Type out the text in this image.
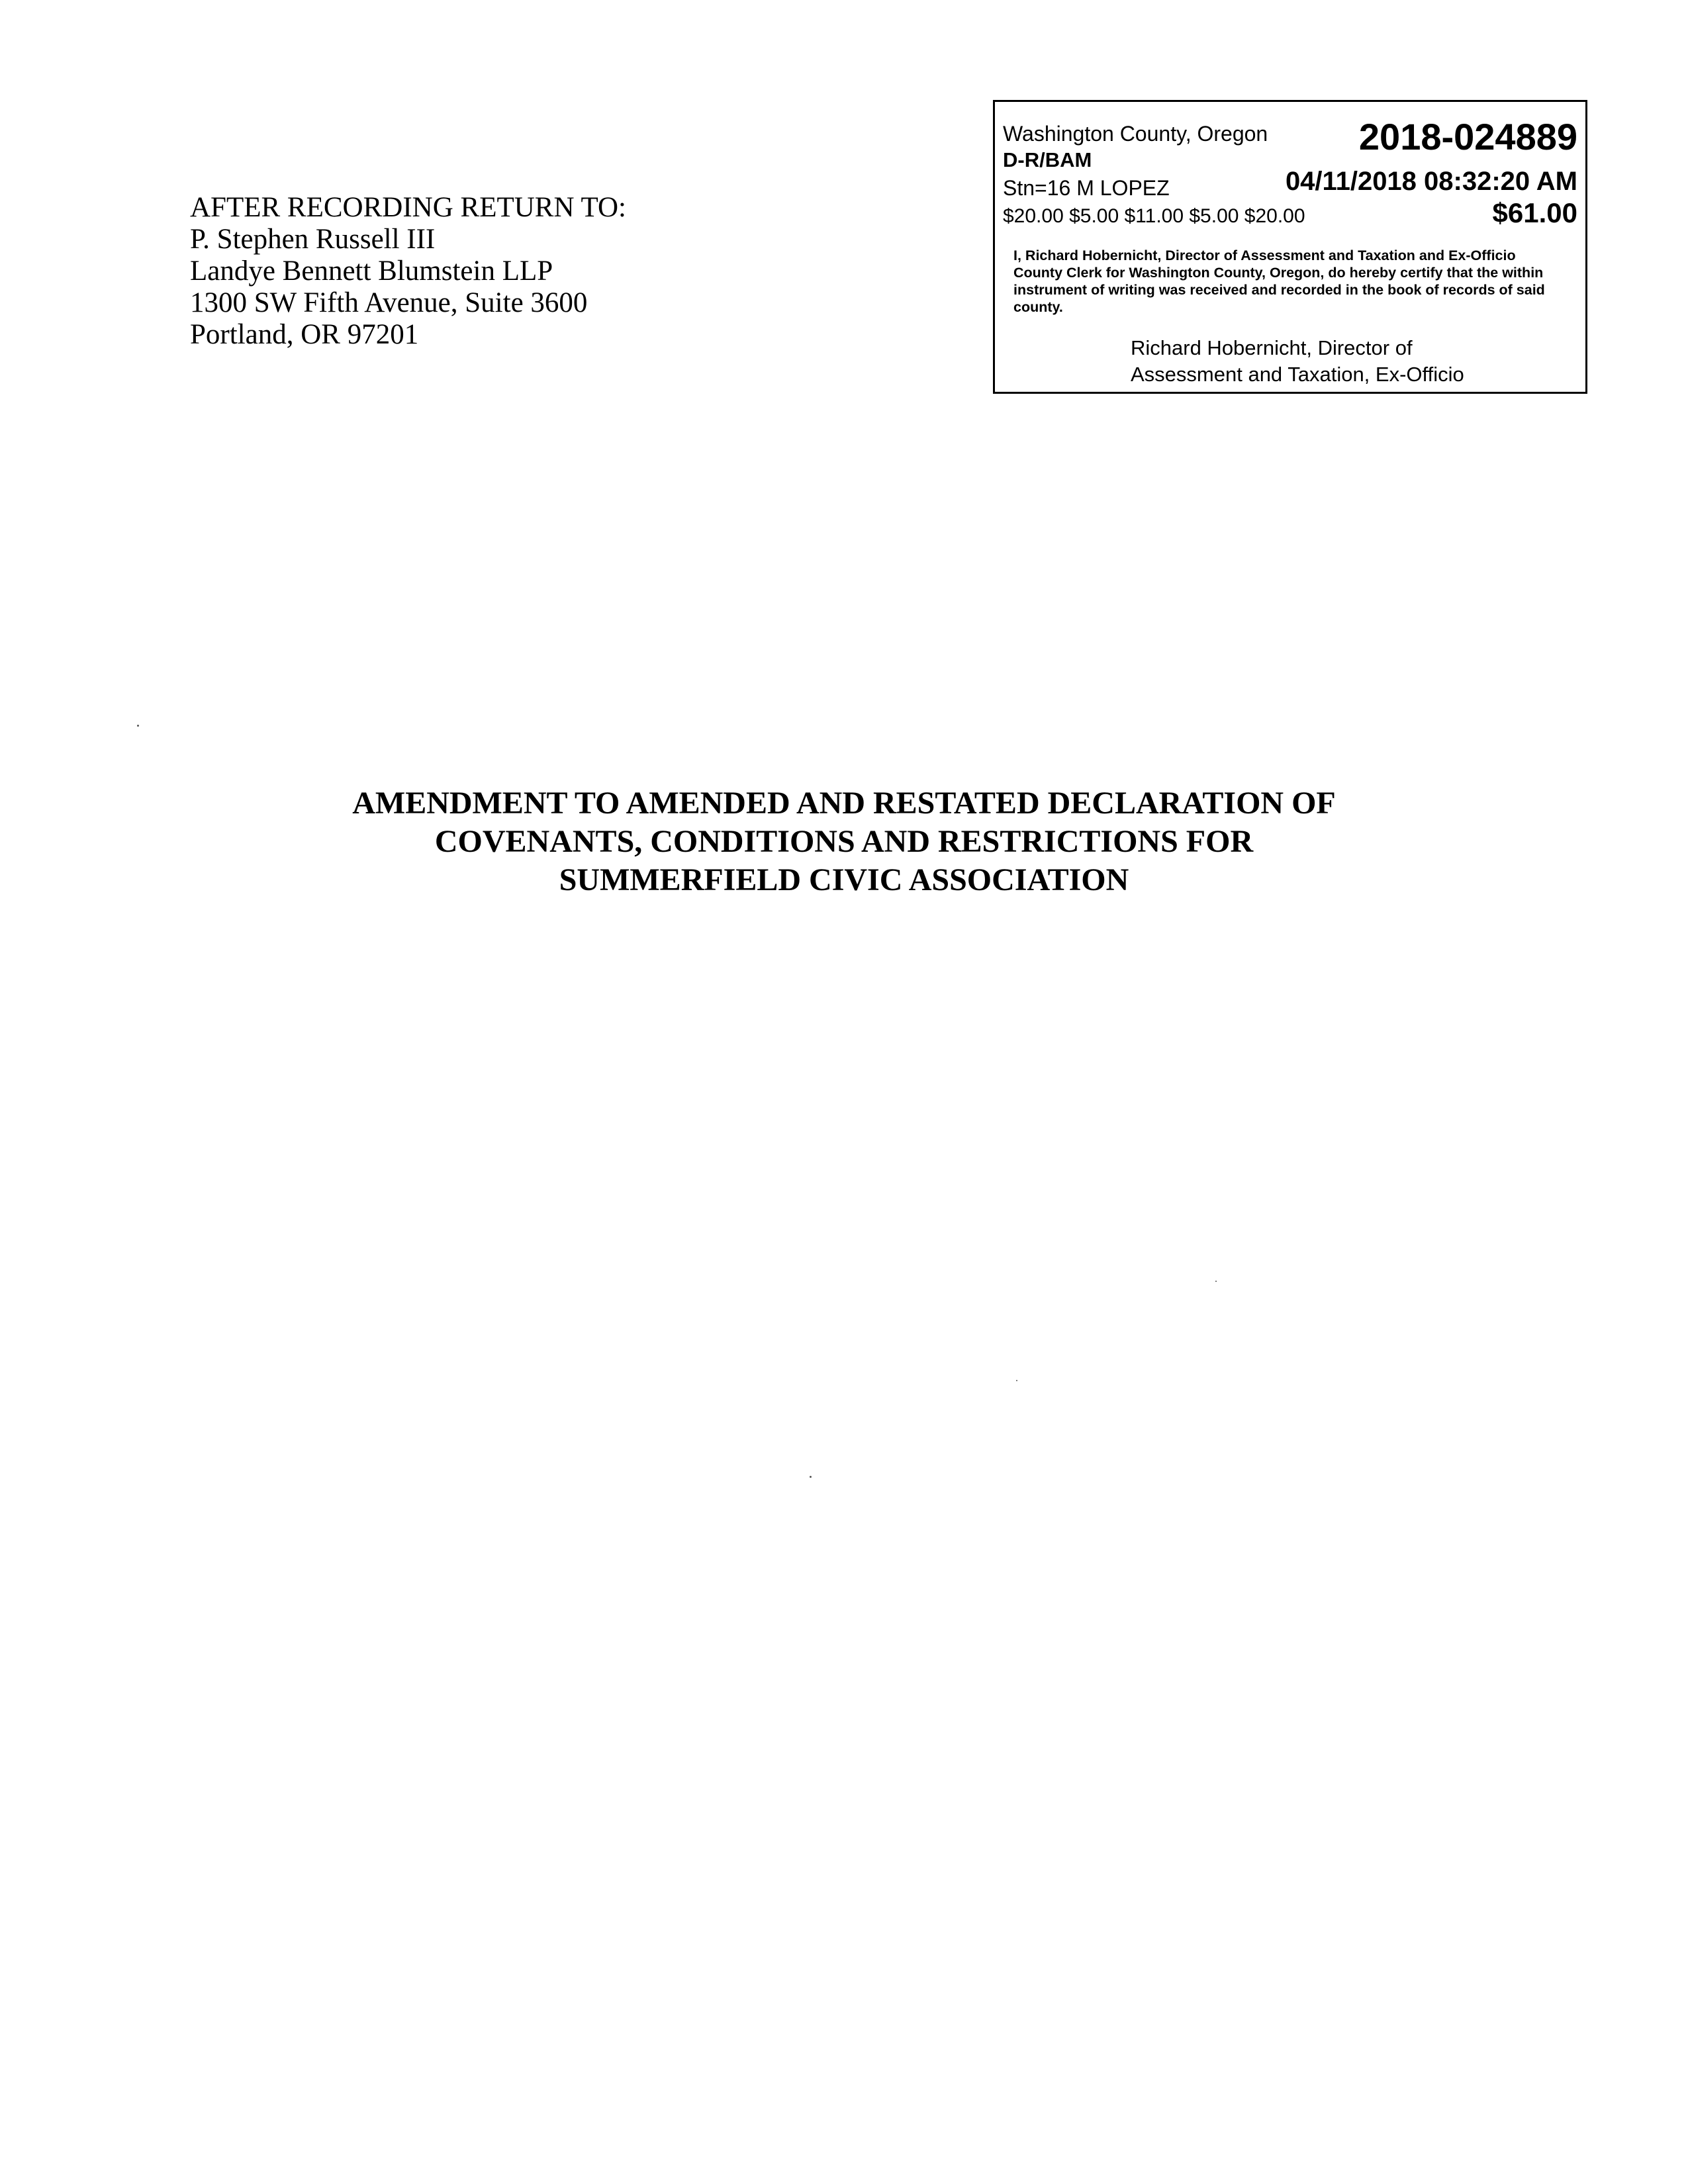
AFTER RECORDING RETURN TO:
P. Stephen Russell III
Landye Bennett Blumstein LLP
1300 SW Fifth Avenue, Suite 3600
Portland, OR 97201
Washington County, Oregon 2018-024889
D-R/BAM
Stn=16 M LOPEZ	04/11/2018 08:32:20 AM
$20.00 $5.00 $11.00 $5.00 $20.00	$61.00
I, Richard Hobernicht, Director of Assessment and Taxation and Ex-Officio County Clerk for Washington County, Oregon, do hereby certify that the within instrument of writing was received and recorded in the book of records of said county.
Richard Hobernicht, Director of
Assessment and Taxation, Ex-Officio
AMENDMENT TO AMENDED AND RESTATED DECLARATION OF
COVENANTS, CONDITIONS AND RESTRICTIONS FOR
SUMMERFIELD CIVIC ASSOCIATION
